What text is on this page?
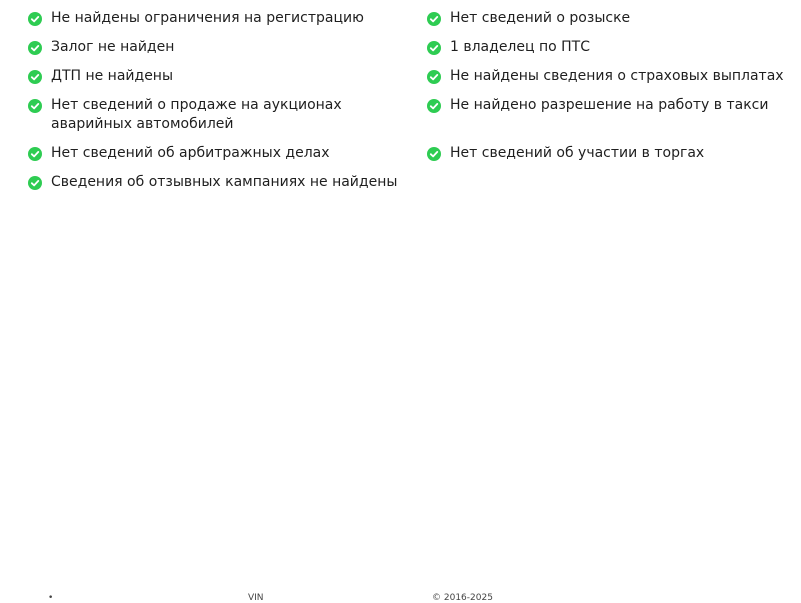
Не найдены ограничения на регистрацию
Залог не найден
ДТП не найдены
Нет сведений о продаже на аукционах аварийных автомобилей
Нет сведений об арбитражных делах
Сведения об отзывных кампаниях не найдены
Нет сведений о розыске
1 владелец по ПТС
Не найдены сведения о страховых выплатах
Не найдено разрешение на работу в такси
Нет сведений об участии в торгах
•	VIN	© 2016-2025
